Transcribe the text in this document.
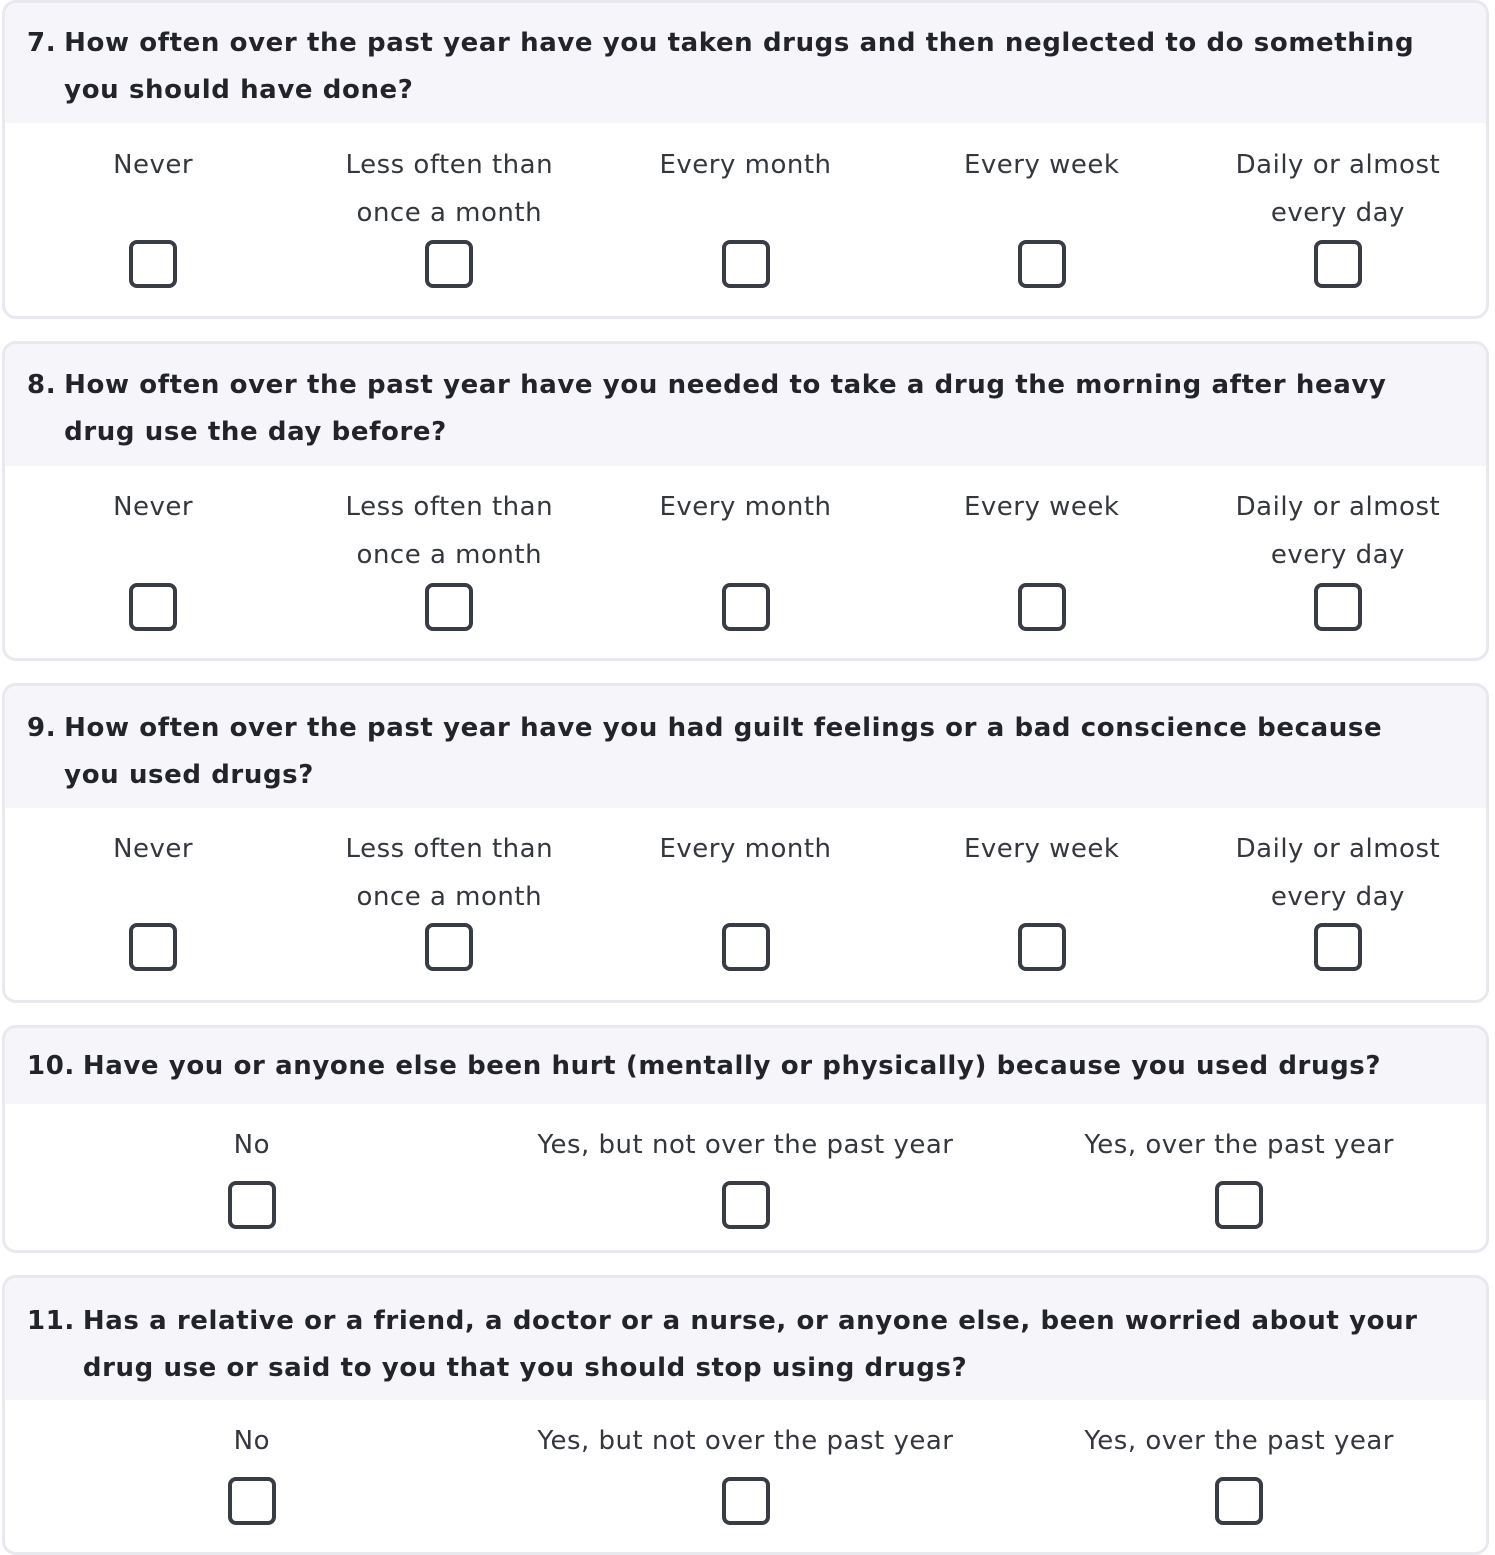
7. How often over the past year have you taken drugs and then neglected to do something you should have done?

Never	Less often than
once a month
Every month	Every week	Daily or almost
every day

8. How often over the past year have you needed to take a drug the morning after heavy drug use the day before?

Never	Less often than
once a month
Every month	Every week	Daily or almost
every day

9. How often over the past year have you had guilt feelings or a bad conscience because you used drugs?

Never	Less often than
once a month
Every month	Every week	Daily or almost
every day

10. Have you or anyone else been hurt (mentally or physically) because you used drugs?

No	Yes, but not over the past year	Yes, over the past year

11. Has a relative or a friend, a doctor or a nurse, or anyone else, been worried about your drug use or said to you that you should stop using drugs?

No	Yes, but not over the past year	Yes, over the past year
